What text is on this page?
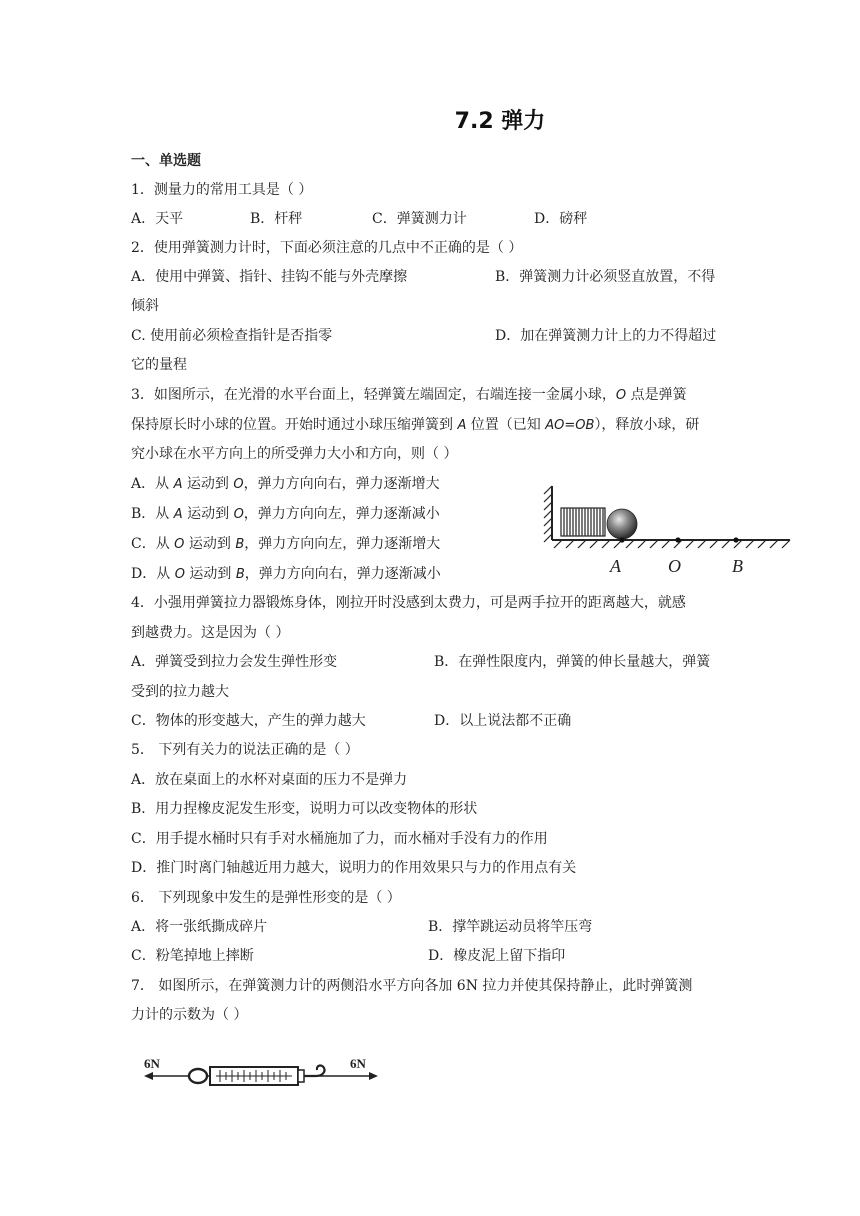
7.2 弹力
一、单选题
1．测量力的常用工具是（ ）
A．天平	B．杆秤	C．弹簧测力计	D．磅秤
2．使用弹簧测力计时，下面必须注意的几点中不正确的是（ ）
A．使用中弹簧、指针、挂钩不能与外壳摩擦	B．弹簧测力计必须竖直放置，不得
倾斜
C. 使用前必须检查指针是否指零	D．加在弹簧测力计上的力不得超过
它的量程
3．如图所示，在光滑的水平台面上，轻弹簧左端固定，右端连接一金属小球，O 点是弹簧
保持原长时小球的位置。开始时通过小球压缩弹簧到 A 位置（已知 AO=OB），释放小球，研
究小球在水平方向上的所受弹力大小和方向，则（ ）
A．从 A 运动到 O，弹力方向向右，弹力逐渐增大
B．从 A 运动到 O，弹力方向向左，弹力逐渐减小
C．从 O 运动到 B，弹力方向向左，弹力逐渐增大
D．从 O 运动到 B，弹力方向向右，弹力逐渐减小	A	O	B
4．小强用弹簧拉力器锻炼身体，刚拉开时没感到太费力，可是两手拉开的距离越大，就感
到越费力。这是因为（ ）
A．弹簧受到拉力会发生弹性形变	B．在弹性限度内，弹簧的伸长量越大，弹簧
受到的拉力越大
C．物体的形变越大，产生的弹力越大	D．以上说法都不正确
5． 下列有关力的说法正确的是（ ）
A．放在桌面上的水杯对桌面的压力不是弹力
B．用力捏橡皮泥发生形变，说明力可以改变物体的形状
C．用手提水桶时只有手对水桶施加了力，而水桶对手没有力的作用
D．推门时离门轴越近用力越大，说明力的作用效果只与力的作用点有关
6． 下列现象中发生的是弹性形变的是（ ）
A．将一张纸撕成碎片	B．撑竿跳运动员将竿压弯
C．粉笔掉地上摔断	D．橡皮泥上留下指印
7． 如图所示，在弹簧测力计的两侧沿水平方向各加 6N 拉力并使其保持静止，此时弹簧测
力计的示数为（ ）
6N	6N
